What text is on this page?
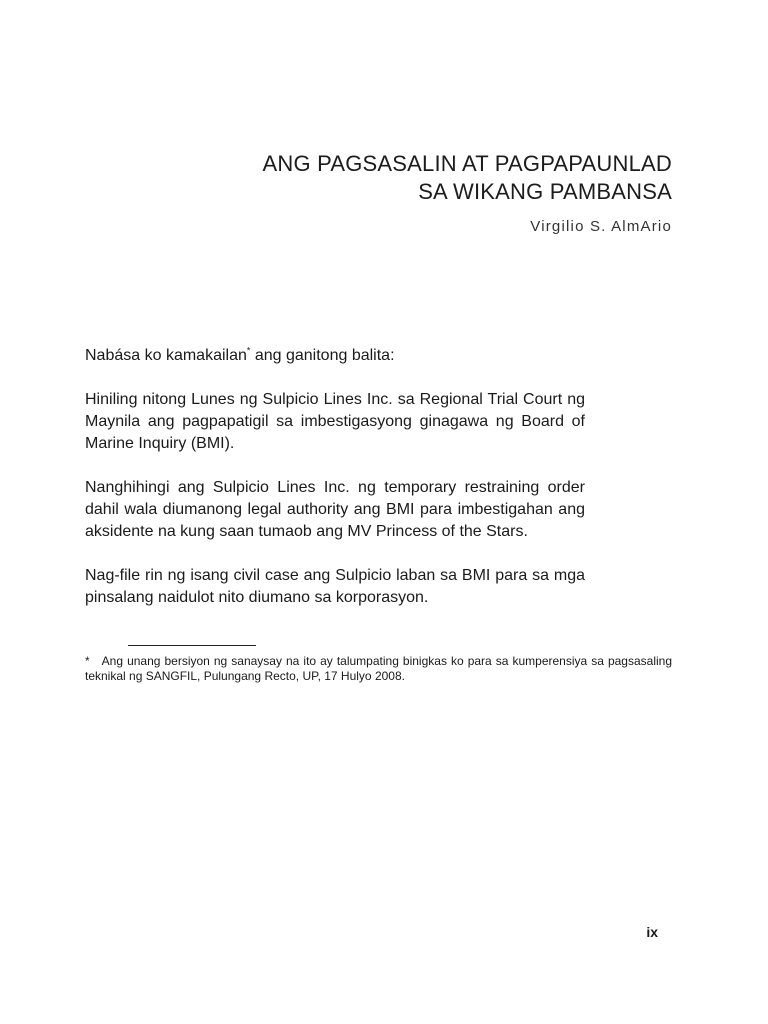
ANG PAGSASALIN AT PAGPAPAUNLAD
SA WIKANG PAMBANSA
Virgilio S. AlmArio

Nabása ko kamakailan* ang ganitong balita:

Hiniling nitong Lunes ng Sulpicio Lines Inc. sa Regional Trial Court ng Maynila ang pagpapatigil sa imbestigasyong ginagawa ng Board of Marine Inquiry (BMI).

Nanghihingi ang Sulpicio Lines Inc. ng temporary restraining order dahil wala diumanong legal authority ang BMI para imbestigahan ang aksidente na kung saan tumaob ang MV Princess of the Stars.

Nag-file rin ng isang civil case ang Sulpicio laban sa BMI para sa mga pinsalang naidulot nito diumano sa korporasyon.

* Ang unang bersiyon ng sanaysay na ito ay talumpating binigkas ko para sa kumperensiya sa pagsasaling teknikal ng SANGFIL, Pulungang Recto, UP, 17 Hulyo 2008.
ix
